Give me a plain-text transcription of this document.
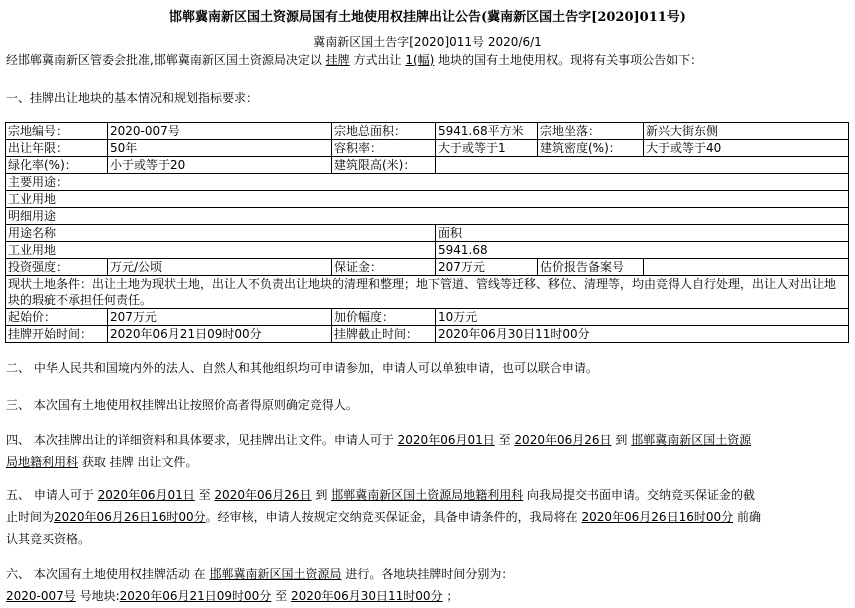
邯郸冀南新区国土资源局国有土地使用权挂牌出让公告(冀南新区国土告字[2020]011号)
冀南新区国土告字[2020]011号 2020/6/1
经邯郸冀南新区管委会批准,邯郸冀南新区国土资源局决定以 挂牌 方式出让 1(幅) 地块的国有土地使用权。现将有关事项公告如下：
一、挂牌出让地块的基本情况和规划指标要求：
宗地编号：	2020-007号	宗地总面积：	5941.68平方米	宗地坐落：	新兴大街东侧
出让年限：	50年	容积率：	大于或等于1	建筑密度(%)：	大于或等于40
绿化率(%)：	小于或等于20	建筑限高(米)：			
主要用途：					
工业用地					
明细用途					
用途名称			面积		
工业用地			5941.68		
投资强度：	万元/公顷	保证金：	207万元	估价报告备案号	
现状土地条件：出让土地为现状土地，出让人不负责出让地块的清理和整理；地下管道、管线等迁移、移位、清理等，均由竞得人自行处理，出让人对出让地块的瑕疵不承担任何责任。					
起始价：	207万元	加价幅度：	10万元		
挂牌开始时间：	2020年06月21日09时00分	挂牌截止时间：	2020年06月30日11时00分		
二、 中华人民共和国境内外的法人、自然人和其他组织均可申请参加，申请人可以单独申请，也可以联合申请。
三、 本次国有土地使用权挂牌出让按照价高者得原则确定竞得人。
四、 本次挂牌出让的详细资料和具体要求，见挂牌出让文件。申请人可于 2020年06月01日 至 2020年06月26日 到 邯郸冀南新区国土资源
局地籍利用科 获取 挂牌 出让文件。
五、 申请人可于 2020年06月01日 至 2020年06月26日 到 邯郸冀南新区国土资源局地籍利用科 向我局提交书面申请。交纳竞买保证金的截
止时间为2020年06月26日16时00分。经审核，申请人按规定交纳竞买保证金，具备申请条件的，我局将在 2020年06月26日16时00分 前确
认其竞买资格。
六、 本次国有土地使用权挂牌活动 在 邯郸冀南新区国土资源局 进行。各地块挂牌时间分别为：
2020-007号 号地块:2020年06月21日09时00分 至 2020年06月30日11时00分 ；
